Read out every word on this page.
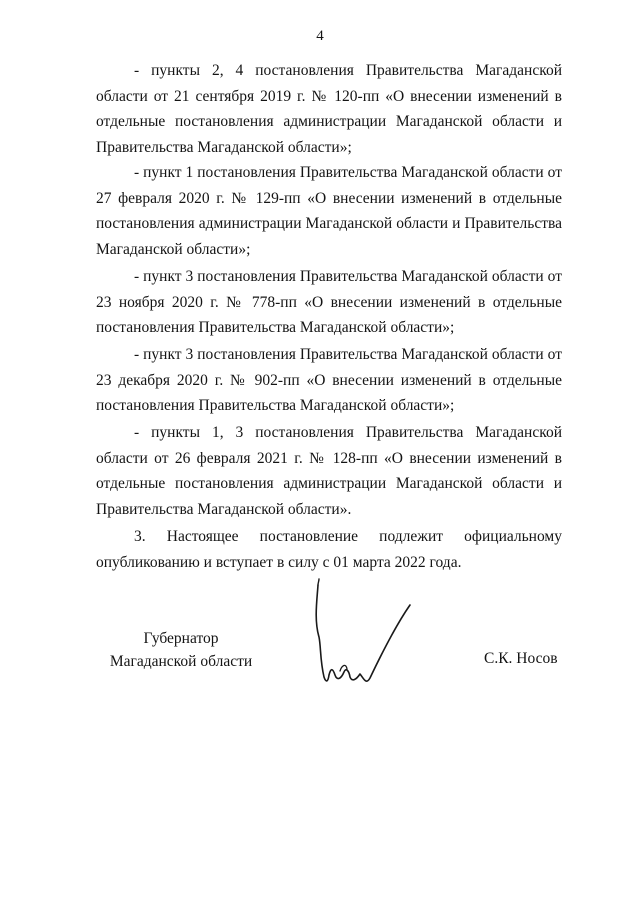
4

- пункты 2, 4 постановления Правительства Магаданской области от 21 сентября 2019 г. № 120-пп «О внесении изменений в отдельные постановления администрации Магаданской области и Правительства Магаданской области»;

- пункт 1 постановления Правительства Магаданской области от 27 февраля 2020 г. № 129-пп «О внесении изменений в отдельные постановления администрации Магаданской области и Правительства Магаданской области»;

- пункт 3 постановления Правительства Магаданской области от 23 ноября 2020 г. № 778-пп «О внесении изменений в отдельные постановления Правительства Магаданской области»;

- пункт 3 постановления Правительства Магаданской области от 23 декабря 2020 г. № 902-пп «О внесении изменений в отдельные постановления Правительства Магаданской области»;

- пункты 1, 3 постановления Правительства Магаданской области от 26 февраля 2021 г. № 128-пп «О внесении изменений в отдельные постановления администрации Магаданской области и Правительства Магаданской области».

3. Настоящее постановление подлежит официальному опубликованию и вступает в силу с 01 марта 2022 года.

Губернатор
Магаданской области	С.К. Носов
